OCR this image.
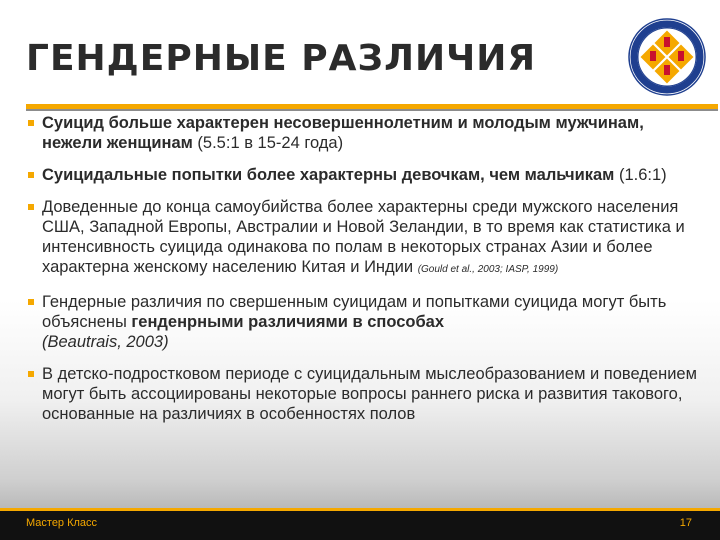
ГЕНДЕРНЫЕ РАЗЛИЧИЯ
Суицид больше характерен несовершеннолетним и молодым мужчинам, нежели женщинам (5.5:1 в 15-24 года)
Суицидальные попытки более характерны девочкам, чем мальчикам (1.6:1)
Доведенные до конца самоубийства более характерны среди мужского населения США, Западной Европы, Австралии и Новой Зеландии, в то время как статистика и интенсивность суицида одинакова по полам в некоторых странах Азии и более характерна женскому населению Китая и Индии (Gould et al., 2003; IASP, 1999)
Гендерные различия по свершенным суицидам и попытками суицида могут быть объяснены генденрными различиями в способах
(Beautrais, 2003)
В детско-подростковом периоде с суицидальным мыслеобразованием и поведением могут быть ассоциированы некоторые вопросы раннего риска и развития такового, основанные на различиях в особенностях полов
Мастер Класс	17
